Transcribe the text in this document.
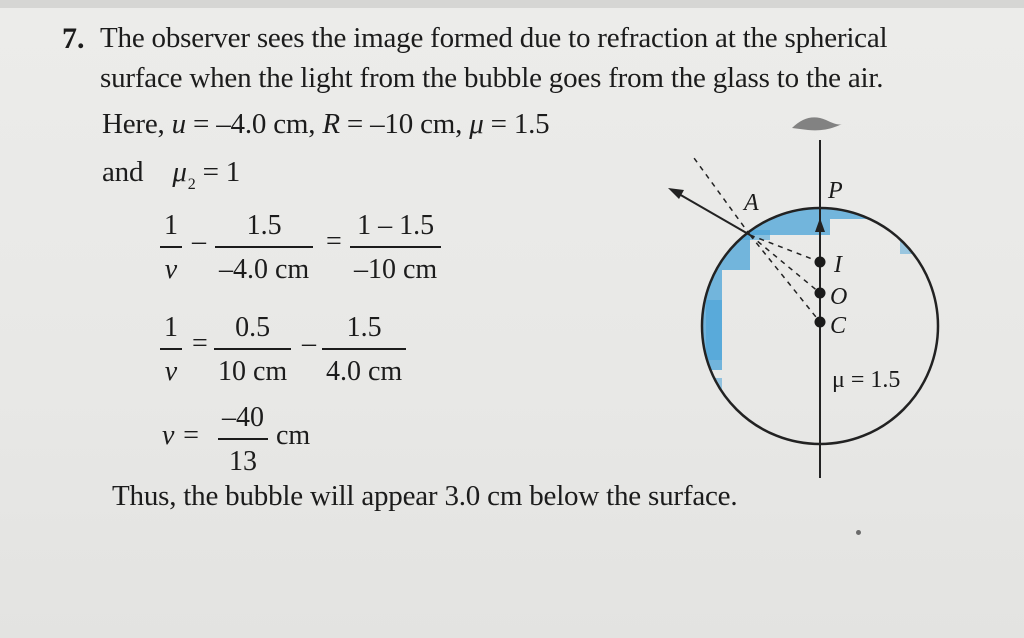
7. The observer sees the image formed due to refraction at the spherical
surface when the light from the bubble goes from the glass to the air.
Here, u = –4.0 cm, R = –10 cm, μ = 1.5
and $\mu_2 = 1$
1
v
–
1.5
–4.0 cm
=
1 – 1.5
–10 cm
1
v
=
0.5
10 cm
–
1.5
4.0 cm
v =
–40
13
cm
Thus, the bubble will appear 3.0 cm below the surface.
A	P
I
O
C
μ = 1.5
